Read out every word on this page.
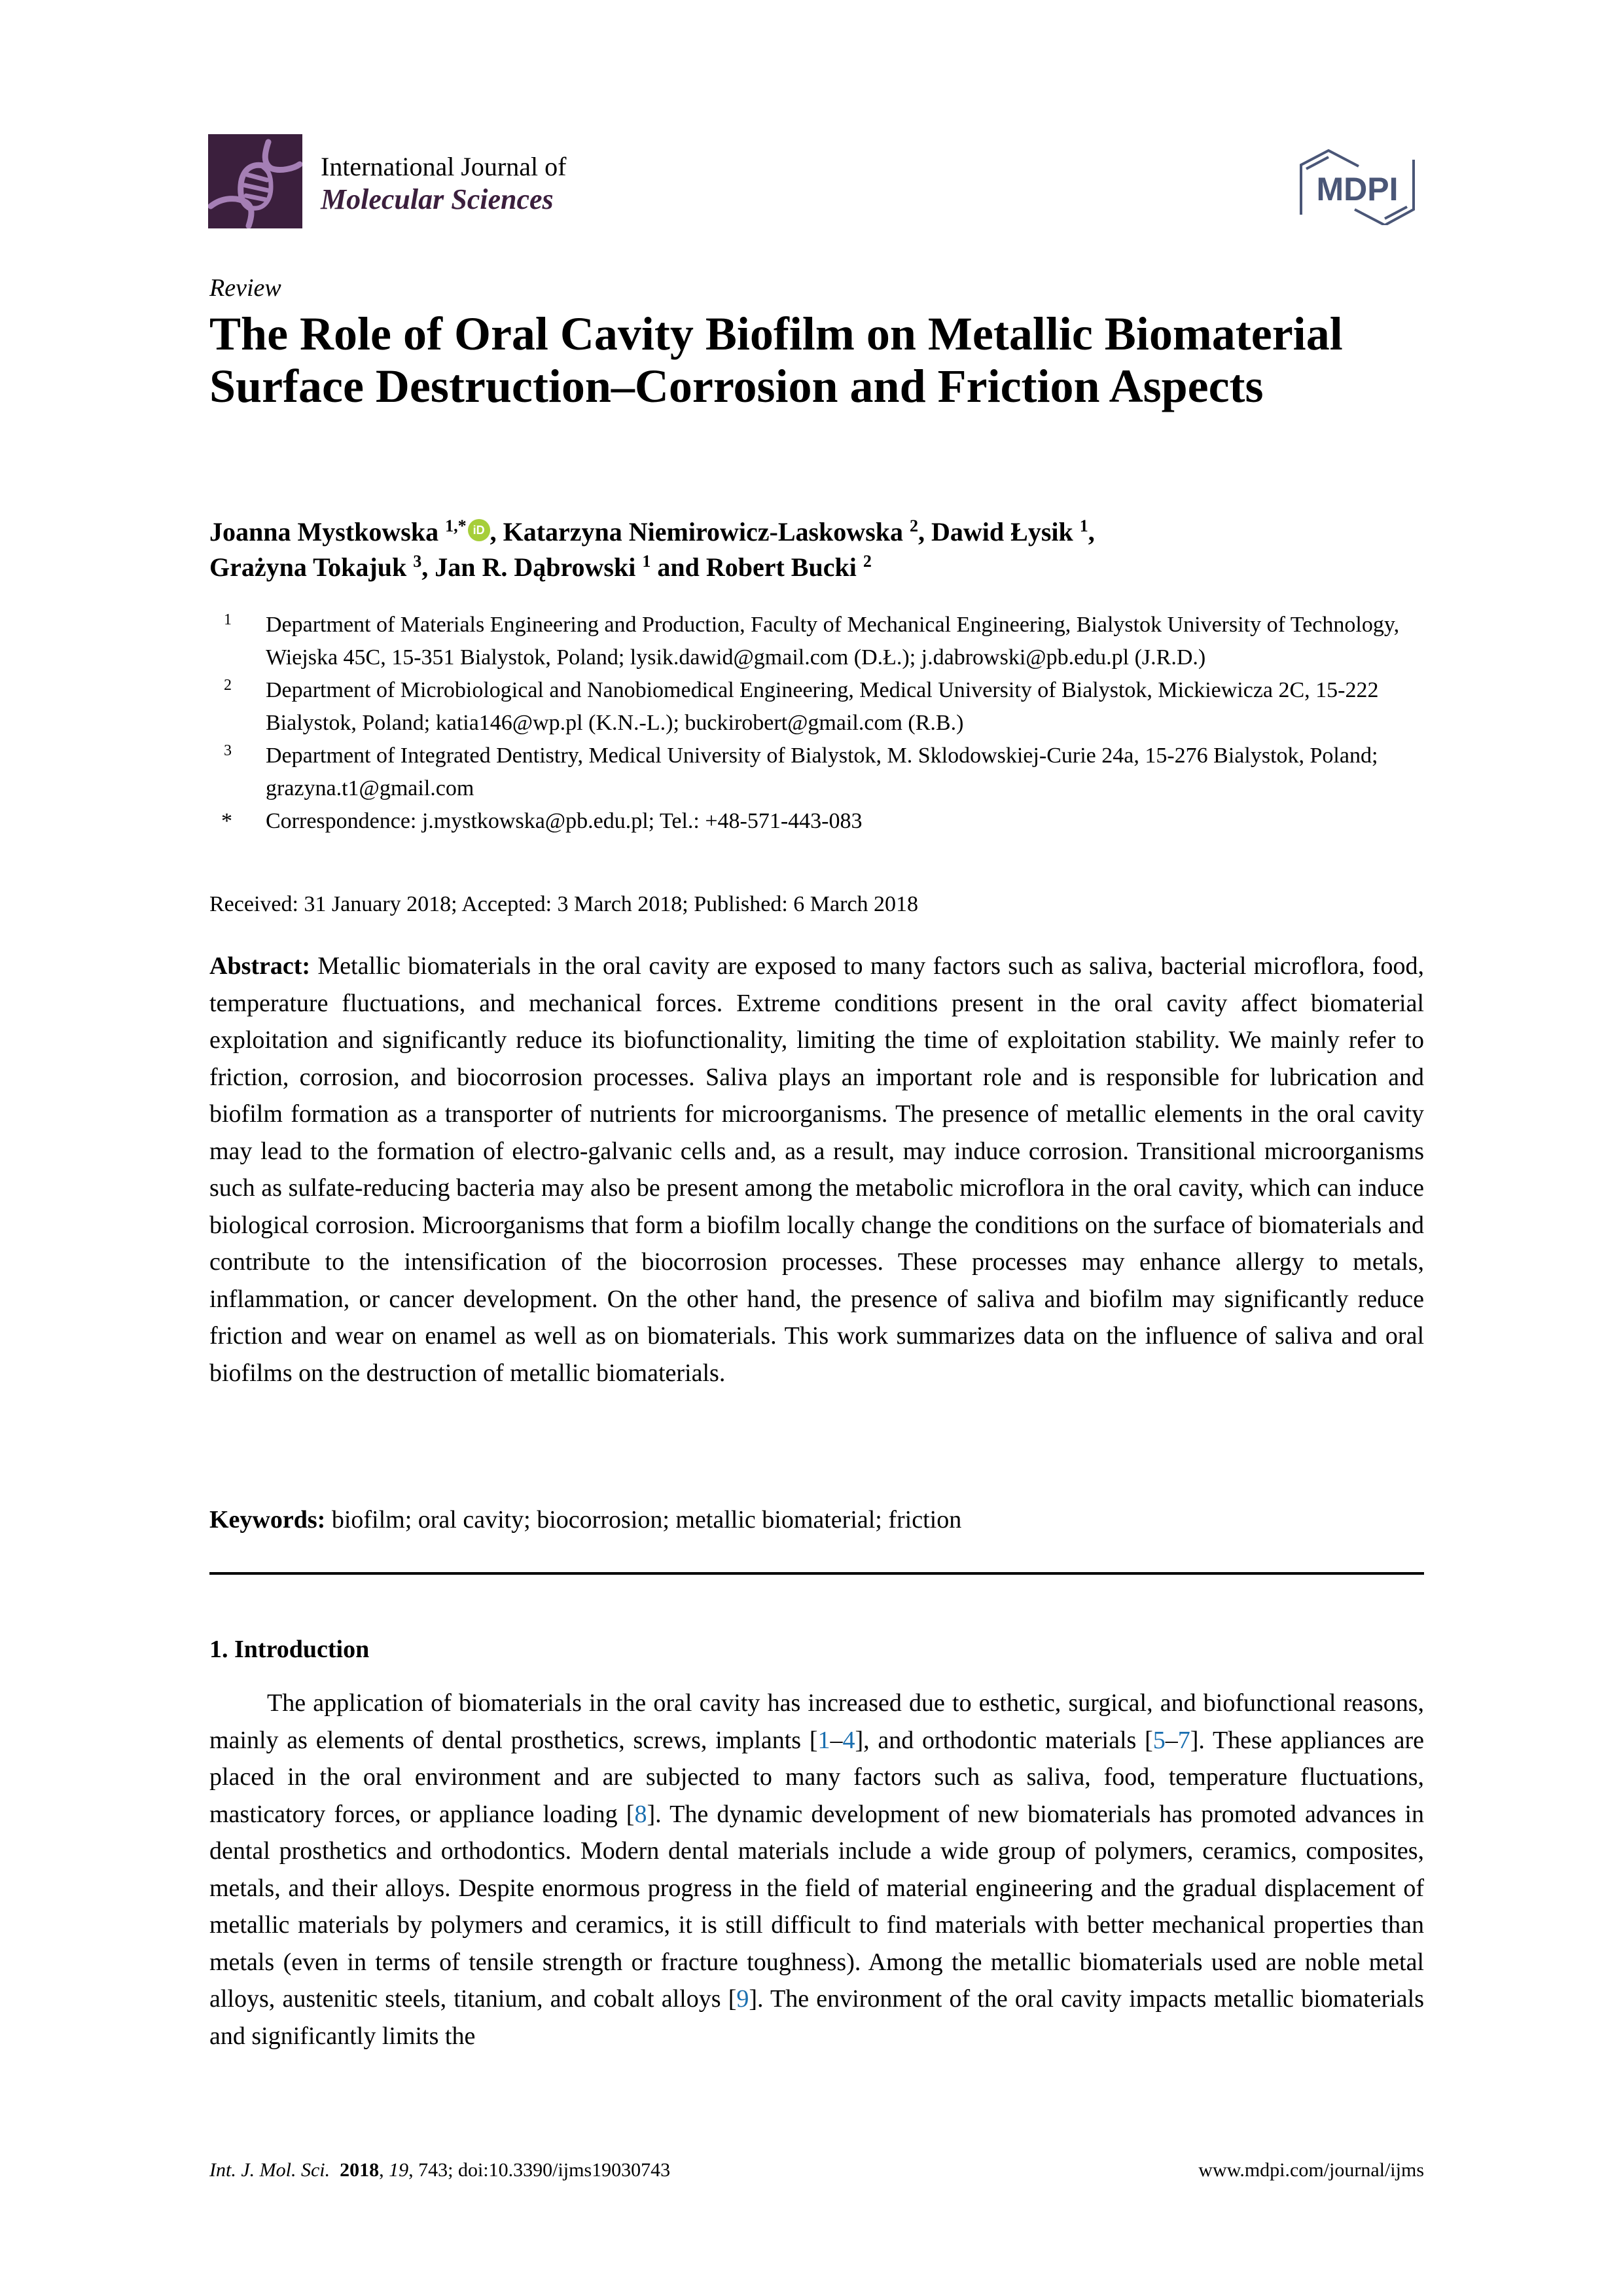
International Journal of
Molecular Sciences	MDPI
Review
The Role of Oral Cavity Biofilm on Metallic Biomaterial Surface Destruction–Corrosion and Friction Aspects
Joanna Mystkowska $^{1,*}$ iD , Katarzyna Niemirowicz-Laskowska $^2$, Dawid Łysik $^1$,
Grażyna Tokajuk $^3$, Jan R. Dąbrowski $^1$ and Robert Bucki $^2$
1 Department of Materials Engineering and Production, Faculty of Mechanical Engineering, Bialystok University of Technology, Wiejska 45C, 15-351 Bialystok, Poland; lysik.dawid@gmail.com (D.Ł.); j.dabrowski@pb.edu.pl (J.R.D.)
2 Department of Microbiological and Nanobiomedical Engineering, Medical University of Bialystok, Mickiewicza 2C, 15-222 Bialystok, Poland; katia146@wp.pl (K.N.-L.); buckirobert@gmail.com (R.B.)
3 Department of Integrated Dentistry, Medical University of Bialystok, M. Sklodowskiej-Curie 24a, 15-276 Bialystok, Poland; grazyna.t1@gmail.com
* Correspondence: j.mystkowska@pb.edu.pl; Tel.: +48-571-443-083
Received: 31 January 2018; Accepted: 3 March 2018; Published: 6 March 2018
Abstract: Metallic biomaterials in the oral cavity are exposed to many factors such as saliva, bacterial microflora, food, temperature fluctuations, and mechanical forces. Extreme conditions present in the oral cavity affect biomaterial exploitation and significantly reduce its biofunctionality, limiting the time of exploitation stability. We mainly refer to friction, corrosion, and biocorrosion processes. Saliva plays an important role and is responsible for lubrication and biofilm formation as a transporter of nutrients for microorganisms. The presence of metallic elements in the oral cavity may lead to the formation of electro-galvanic cells and, as a result, may induce corrosion. Transitional microorganisms such as sulfate-reducing bacteria may also be present among the metabolic microflora in the oral cavity, which can induce biological corrosion. Microorganisms that form a biofilm locally change the conditions on the surface of biomaterials and contribute to the intensification of the biocorrosion processes. These processes may enhance allergy to metals, inflammation, or cancer development. On the other hand, the presence of saliva and biofilm may significantly reduce friction and wear on enamel as well as on biomaterials. This work summarizes data on the influence of saliva and oral biofilms on the destruction of metallic biomaterials.
Keywords: biofilm; oral cavity; biocorrosion; metallic biomaterial; friction
1. Introduction
The application of biomaterials in the oral cavity has increased due to esthetic, surgical, and biofunctional reasons, mainly as elements of dental prosthetics, screws, implants [1–4], and orthodontic materials [5–7]. These appliances are placed in the oral environment and are subjected to many factors such as saliva, food, temperature fluctuations, masticatory forces, or appliance loading [8]. The dynamic development of new biomaterials has promoted advances in dental prosthetics and orthodontics. Modern dental materials include a wide group of polymers, ceramics, composites, metals, and their alloys. Despite enormous progress in the field of material engineering and the gradual displacement of metallic materials by polymers and ceramics, it is still difficult to find materials with better mechanical properties than metals (even in terms of tensile strength or fracture toughness). Among the metallic biomaterials used are noble metal alloys, austenitic steels, titanium, and cobalt alloys [9]. The environment of the oral cavity impacts metallic biomaterials and significantly limits the
Int. J. Mol. Sci. 2018, 19, 743; doi:10.3390/ijms19030743	www.mdpi.com/journal/ijms
